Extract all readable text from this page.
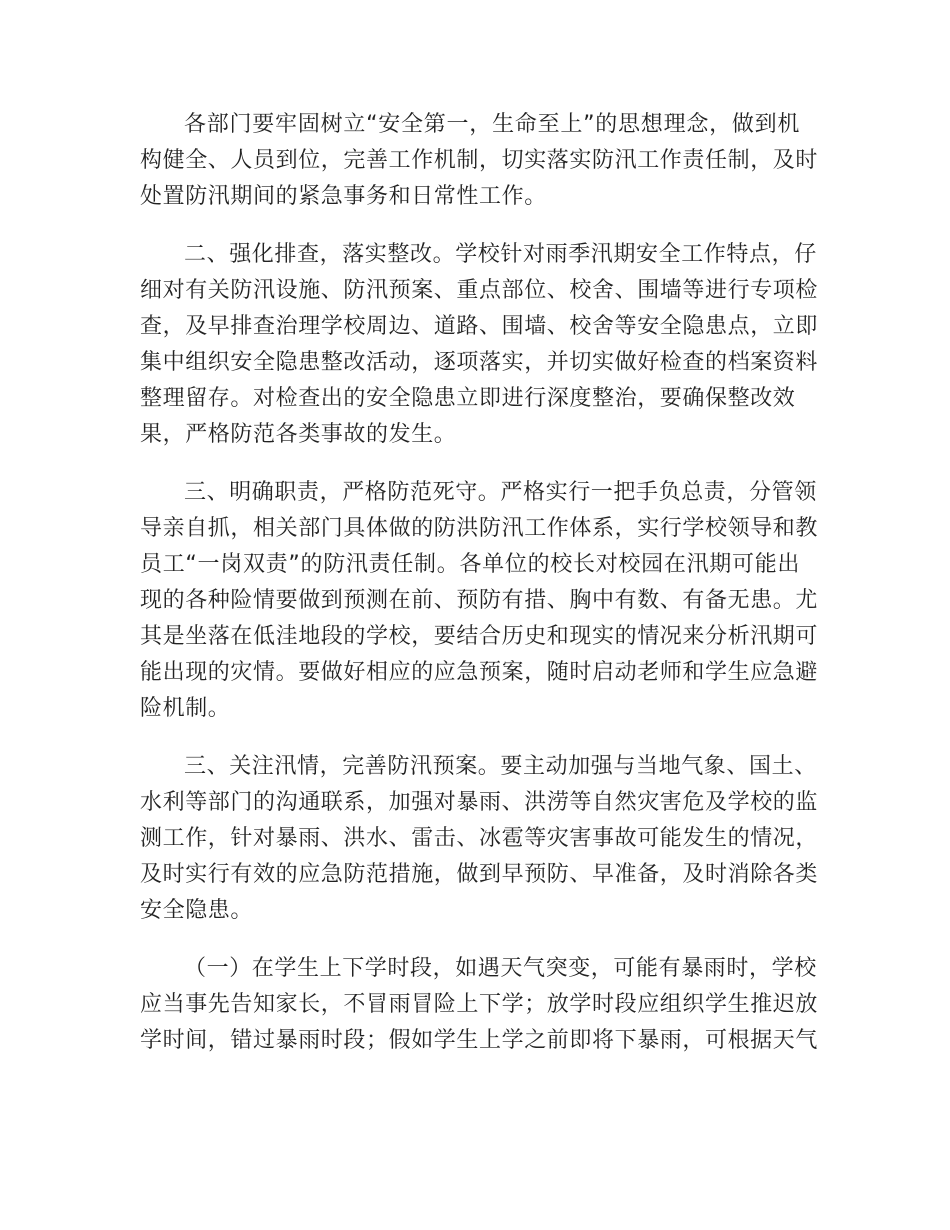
各部门要牢固树立“安全第一，生命至上”的思想理念，做到机
构健全、人员到位，完善工作机制，切实落实防汛工作责任制，及时
处置防汛期间的紧急事务和日常性工作。
二、强化排查，落实整改。学校针对雨季汛期安全工作特点，仔
细对有关防汛设施、防汛预案、重点部位、校舍、围墙等进行专项检
查，及早排查治理学校周边、道路、围墙、校舍等安全隐患点，立即
集中组织安全隐患整改活动，逐项落实，并切实做好检查的档案资料
整理留存。对检查出的安全隐患立即进行深度整治，要确保整改效
果，严格防范各类事故的发生。
三、明确职责，严格防范死守。严格实行一把手负总责，分管领
导亲自抓，相关部门具体做的防洪防汛工作体系，实行学校领导和教
员工“一岗双责”的防汛责任制。各单位的校长对校园在汛期可能出
现的各种险情要做到预测在前、预防有措、胸中有数、有备无患。尤
其是坐落在低洼地段的学校，要结合历史和现实的情况来分析汛期可
能出现的灾情。要做好相应的应急预案，随时启动老师和学生应急避
险机制。
三、关注汛情，完善防汛预案。要主动加强与当地气象、国土、
水利等部门的沟通联系，加强对暴雨、洪涝等自然灾害危及学校的监
测工作，针对暴雨、洪水、雷击、冰雹等灾害事故可能发生的情况，
及时实行有效的应急防范措施，做到早预防、早准备，及时消除各类
安全隐患。
（一）在学生上下学时段，如遇天气突变，可能有暴雨时，学校
应当事先告知家长，不冒雨冒险上下学；放学时段应组织学生推迟放
学时间，错过暴雨时段；假如学生上学之前即将下暴雨，可根据天气
